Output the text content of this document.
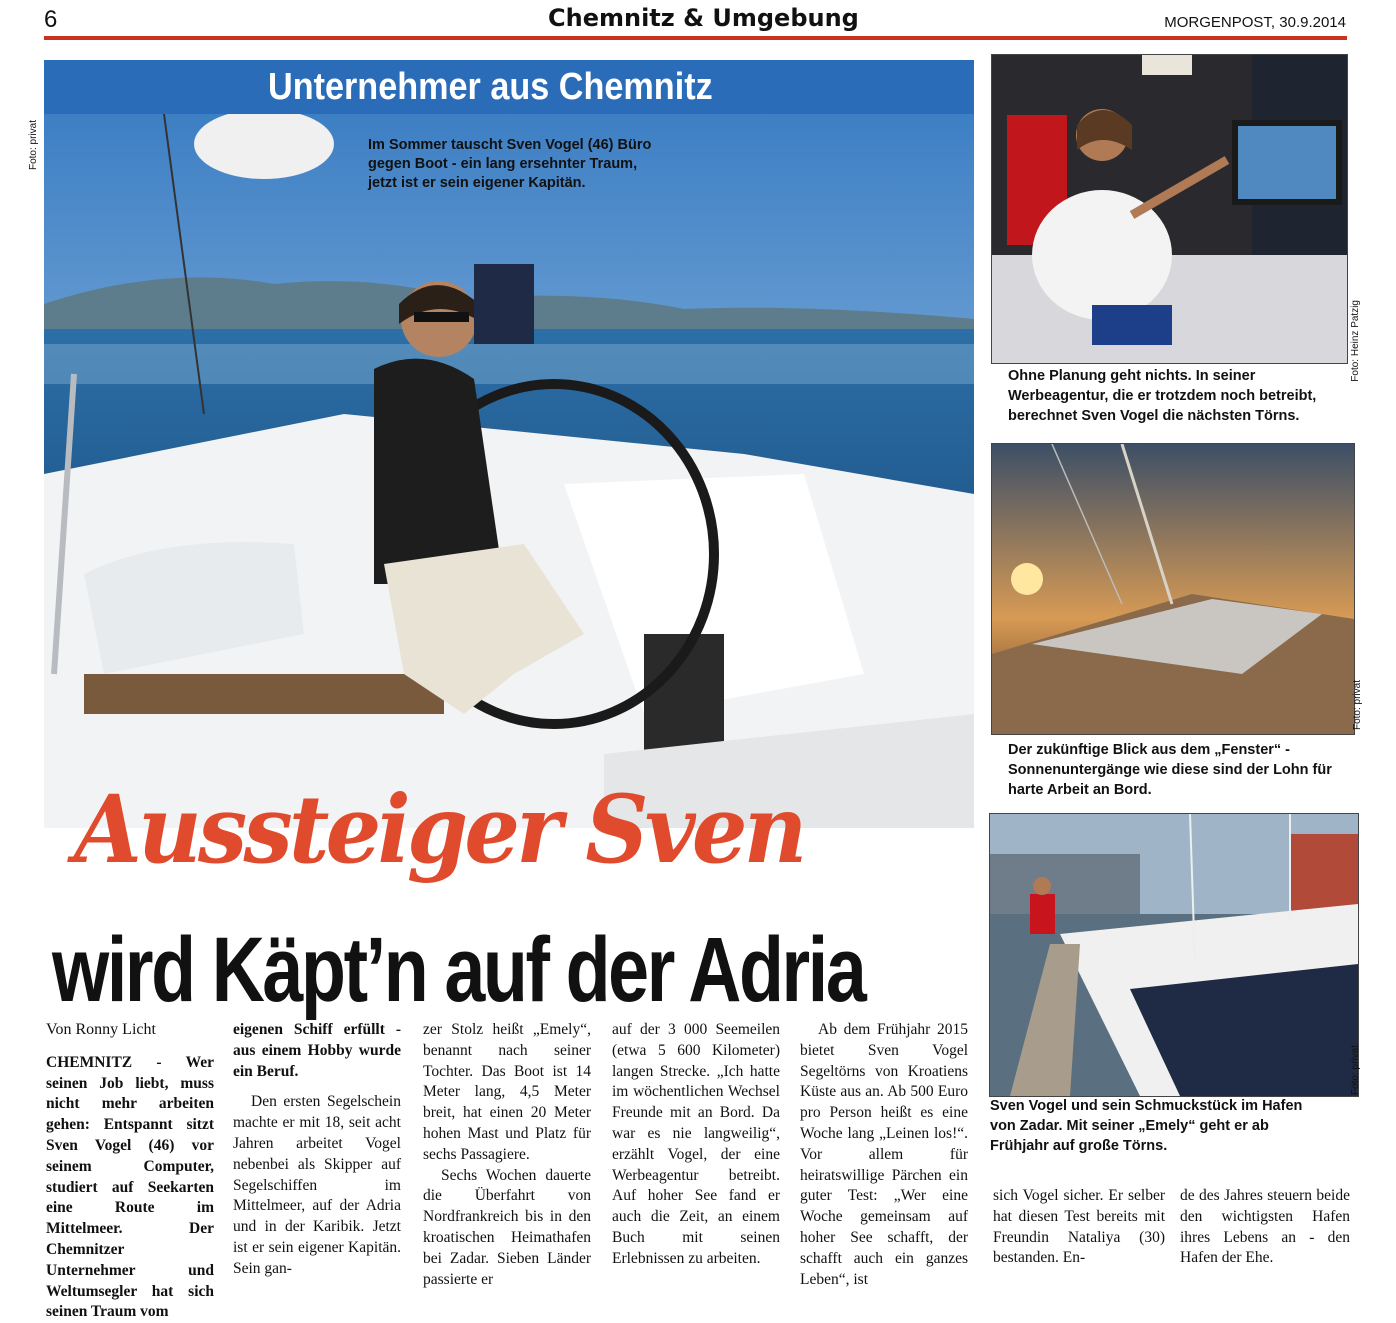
6	Chemnitz & Umgebung	MORGENPOST, 30.9.2014
Unternehmer aus Chemnitz
Foto: privat	Im Sommer tauscht Sven Vogel (46) Büro gegen Boot - ein lang ersehnter Traum, jetzt ist er sein eigener Kapitän.
Foto: Heinz Patzig
Ohne Planung geht nichts. In seiner Werbeagentur, die er trotzdem noch betreibt, berechnet Sven Vogel die nächsten Törns.
Foto: privat
Der zukünftige Blick aus dem „Fenster“ - Sonnenuntergänge wie diese sind der Lohn für harte Arbeit an Bord.
Foto: privat
Sven Vogel und sein Schmuckstück im Hafen von Zadar. Mit seiner „Emely“ geht er ab Frühjahr auf große Törns.
Aussteiger Sven
wird Käpt’n auf der Adria

Von Ronny Licht

CHEMNITZ - Wer seinen Job liebt, muss nicht mehr arbeiten gehen: Entspannt sitzt Sven Vogel (46) vor seinem Computer, studiert auf Seekarten eine Route im Mittelmeer. Der Chemnitzer Unternehmer und Weltumsegler hat sich seinen Traum vom

eigenen Schiff erfüllt - aus einem Hobby wurde ein Beruf.

Den ersten Segelschein machte er mit 18, seit acht Jahren arbeitet Vogel nebenbei als Skipper auf Segelschiffen im Mittelmeer, auf der Adria und in der Karibik. Jetzt ist er sein eigener Kapitän. Sein gan-

zer Stolz heißt „Emely“, benannt nach seiner Tochter. Das Boot ist 14 Meter lang, 4,5 Meter breit, hat einen 20 Meter hohen Mast und Platz für sechs Passagiere.

Sechs Wochen dauerte die Überfahrt von Nordfrankreich bis in den kroatischen Heimathafen bei Zadar. Sieben Länder passierte er

auf der 3 000 Seemeilen (etwa 5 600 Kilometer) langen Strecke. „Ich hatte im wöchentlichen Wechsel Freunde mit an Bord. Da war es nie langweilig“, erzählt Vogel, der eine Werbeagentur betreibt. Auf hoher See fand er auch die Zeit, an einem Buch mit seinen Erlebnissen zu arbeiten.

Ab dem Frühjahr 2015 bietet Sven Vogel Segeltörns von Kroatiens Küste aus an. Ab 500 Euro pro Person heißt es eine Woche lang „Leinen los!“. Vor allem für heiratswillige Pärchen ein guter Test: „Wer eine Woche gemeinsam auf hoher See schafft, der schafft auch ein ganzes Leben“, ist

sich Vogel sicher. Er selber hat diesen Test bereits mit Freundin Nataliya (30) bestanden. En-

de des Jahres steuern beide den wichtigsten Hafen ihres Lebens an - den Hafen der Ehe.
